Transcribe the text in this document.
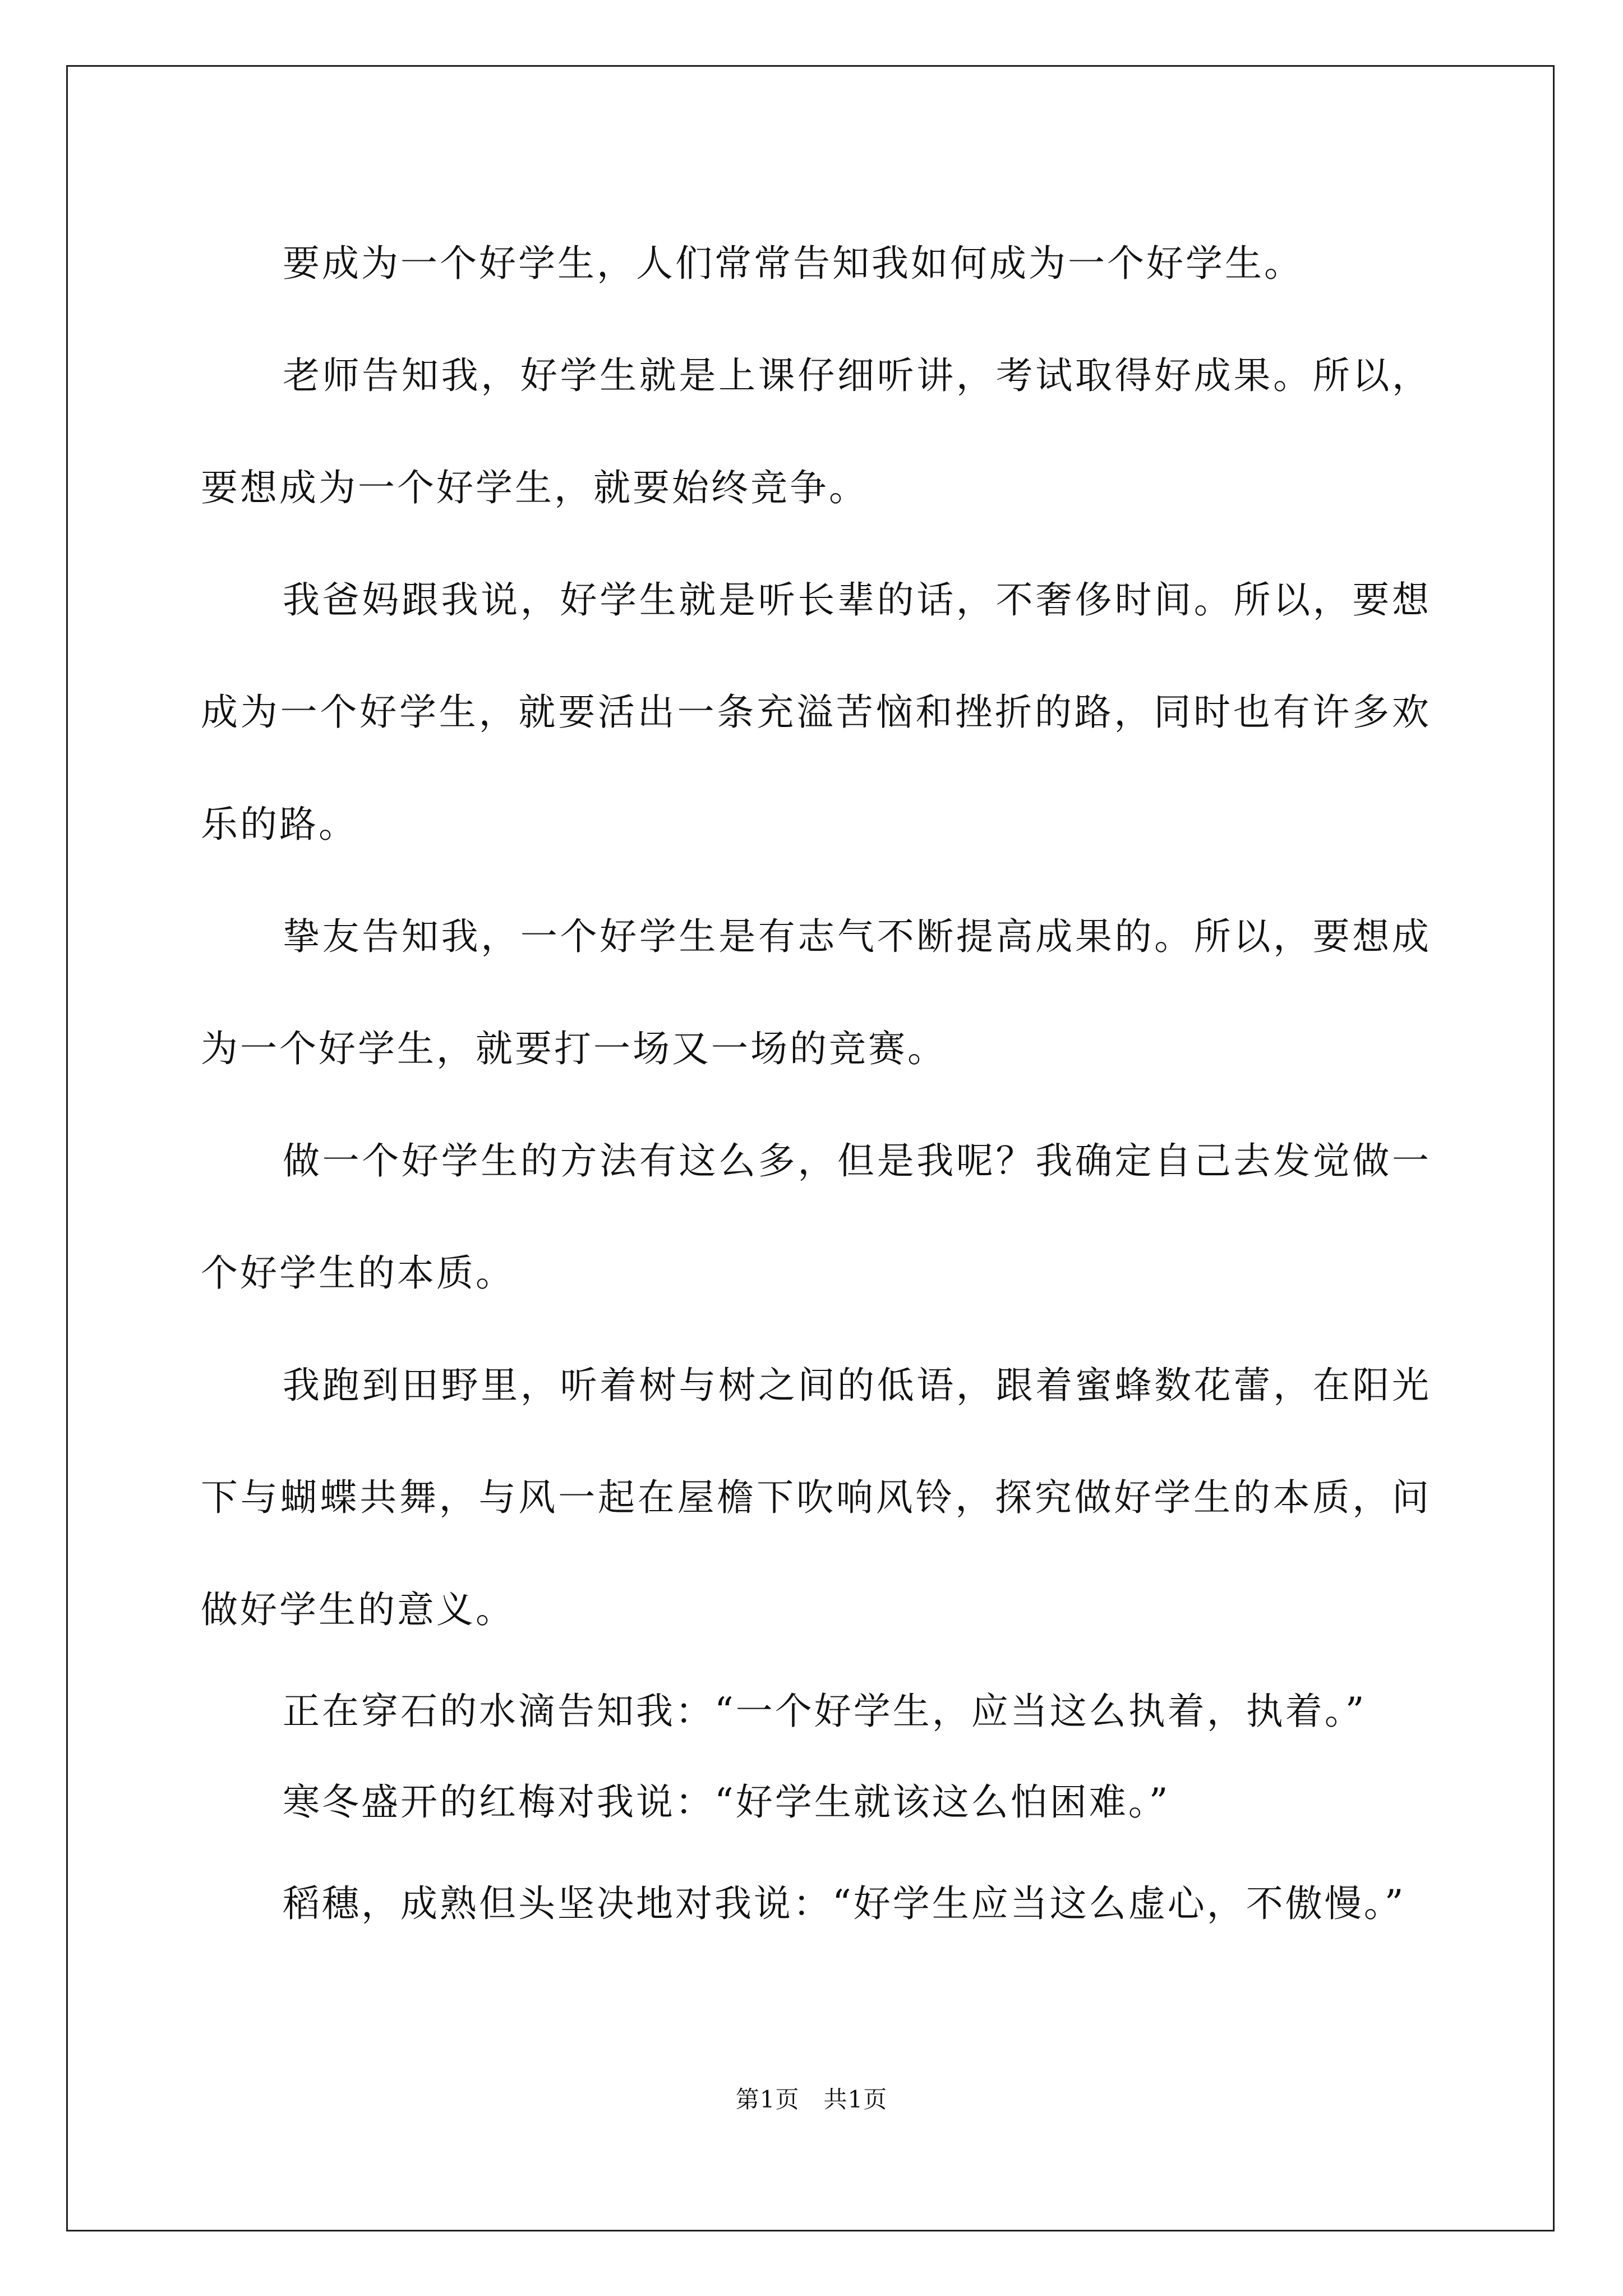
要成为一个好学生，人们常常告知我如何成为一个好学生。

老师告知我，好学生就是上课仔细听讲，考试取得好成果。所以，要想成为一个好学生，就要始终竞争。

我爸妈跟我说，好学生就是听长辈的话，不奢侈时间。所以，要想成为一个好学生，就要活出一条充溢苦恼和挫折的路，同时也有许多欢乐的路。

挚友告知我，一个好学生是有志气不断提高成果的。所以，要想成为一个好学生，就要打一场又一场的竞赛。

做一个好学生的方法有这么多，但是我呢？我确定自己去发觉做一个好学生的本质。

我跑到田野里，听着树与树之间的低语，跟着蜜蜂数花蕾，在阳光下与蝴蝶共舞，与风一起在屋檐下吹响风铃，探究做好学生的本质，问做好学生的意义。

正在穿石的水滴告知我：“一个好学生，应当这么执着，执着。”

寒冬盛开的红梅对我说：“好学生就该这么怕困难。”

稻穗，成熟但头坚决地对我说：“好学生应当这么虚心，不傲慢。”

第1页　共1页
